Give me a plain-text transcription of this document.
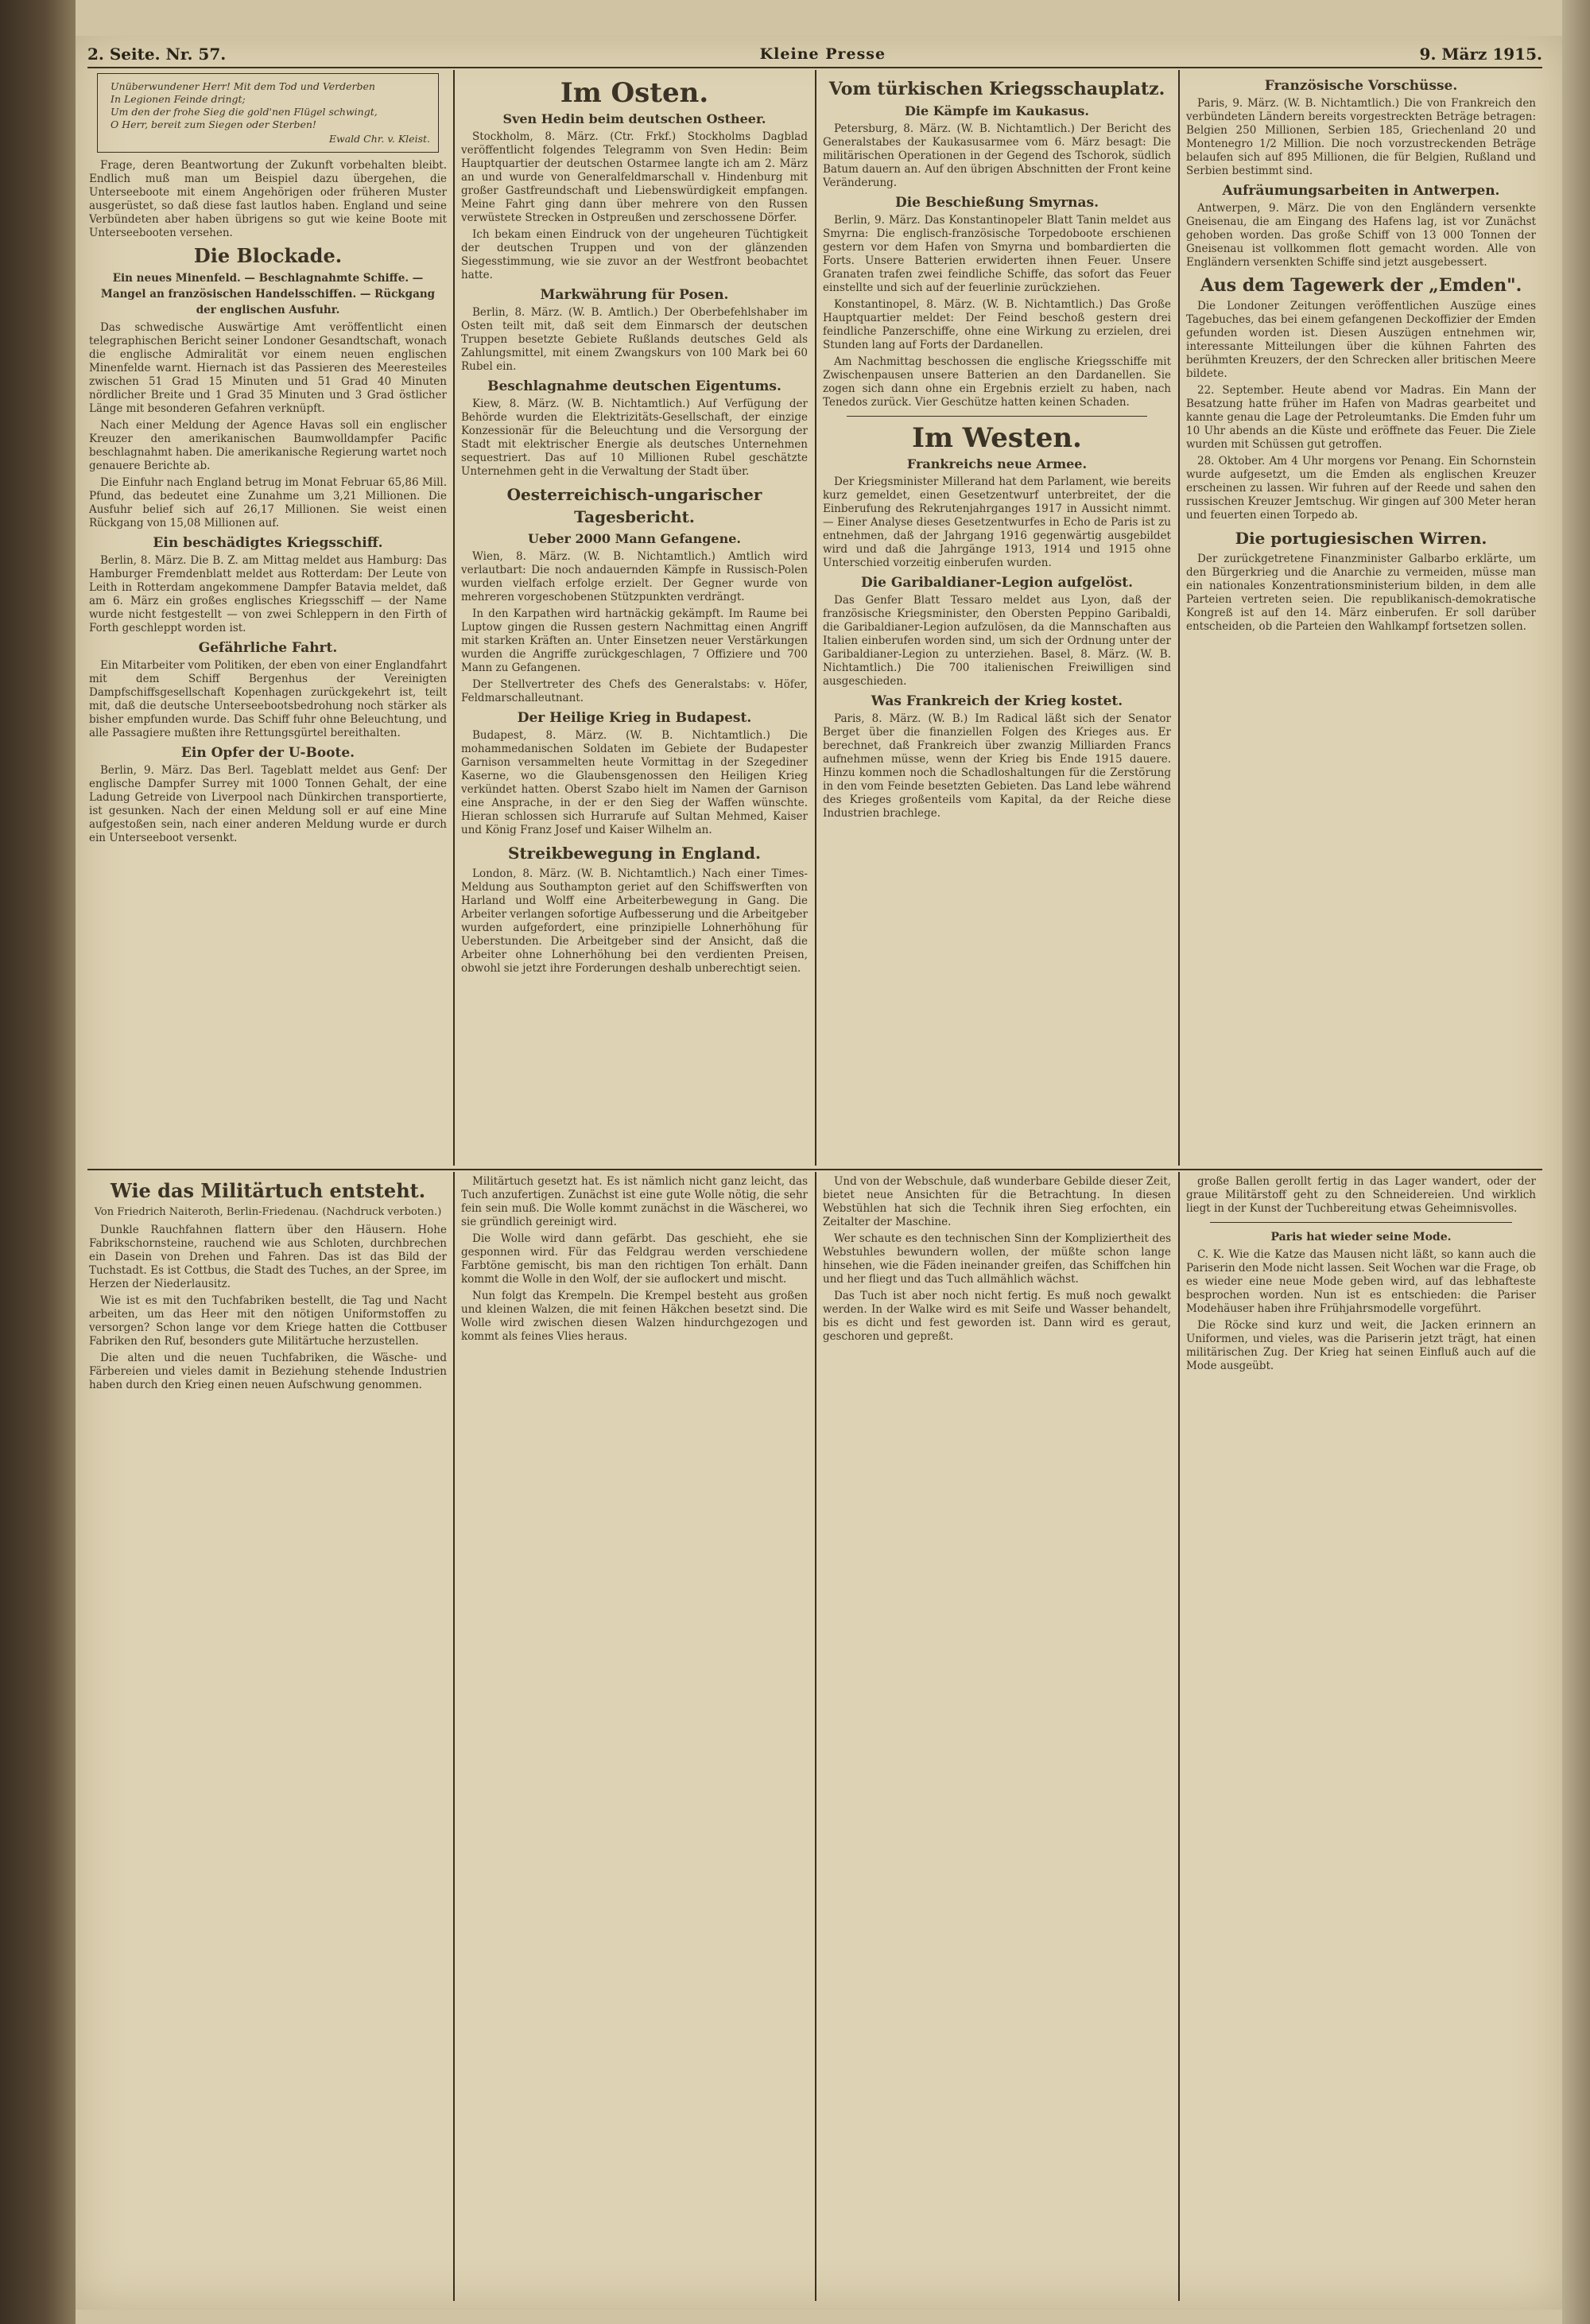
2. Seite. Nr. 57.	Kleine Presse	9. März 1915.
Unüberwundener Herr! Mit dem Tod und Verderben
In Legionen Feinde dringt;
Um den der frohe Sieg die gold'nen Flügel schwingt,
O Herr, bereit zum Siegen oder Sterben!
Ewald Chr. v. Kleist.

Frage, deren Beantwortung der Zukunft vorbehalten bleibt. Endlich muß man um Beispiel dazu übergehen, die Unterseeboote mit einem Angehörigen oder früheren Muster ausgerüstet, so daß diese fast lautlos haben. England und seine Verbündeten aber haben übrigens so gut wie keine Boote mit Unterseebooten versehen.

Die Blockade.
Ein neues Minenfeld. — Beschlagnahmte Schiffe. — Mangel an französischen Handelsschiffen. — Rückgang der englischen Ausfuhr.

Das schwedische Auswärtige Amt veröffentlicht einen telegraphischen Bericht seiner Londoner Gesandtschaft, wonach die englische Admiralität vor einem neuen englischen Minenfelde warnt. Hiernach ist das Passieren des Meeresteiles zwischen 51 Grad 15 Minuten und 51 Grad 40 Minuten nördlicher Breite und 1 Grad 35 Minuten und 3 Grad östlicher Länge mit besonderen Gefahren verknüpft.

Nach einer Meldung der Agence Havas soll ein englischer Kreuzer den amerikanischen Baumwolldampfer Pacific beschlagnahmt haben. Die amerikanische Regierung wartet noch genauere Berichte ab.

Die Einfuhr nach England betrug im Monat Februar 65,86 Mill. Pfund, das bedeutet eine Zunahme um 3,21 Millionen. Die Ausfuhr belief sich auf 26,17 Millionen. Sie weist einen Rückgang von 15,08 Millionen auf.

Ein beschädigtes Kriegsschiff.

Berlin, 8. März. Die B. Z. am Mittag meldet aus Hamburg: Das Hamburger Fremdenblatt meldet aus Rotterdam: Der Leute von Leith in Rotterdam angekommene Dampfer Batavia meldet, daß am 6. März ein großes englisches Kriegsschiff — der Name wurde nicht festgestellt — von zwei Schleppern in den Firth of Forth geschleppt worden ist.

Gefährliche Fahrt.

Ein Mitarbeiter vom Politiken, der eben von einer Englandfahrt mit dem Schiff Bergenhus der Vereinigten Dampfschiffsgesellschaft Kopenhagen zurückgekehrt ist, teilt mit, daß die deutsche Unterseebootsbedrohung noch stärker als bisher empfunden wurde. Das Schiff fuhr ohne Beleuchtung, und alle Passagiere mußten ihre Rettungsgürtel bereithalten.

Ein Opfer der U-Boote.

Berlin, 9. März. Das Berl. Tageblatt meldet aus Genf: Der englische Dampfer Surrey mit 1000 Tonnen Gehalt, der eine Ladung Getreide von Liverpool nach Dünkirchen transportierte, ist gesunken. Nach der einen Meldung soll er auf eine Mine aufgestoßen sein, nach einer anderen Meldung wurde er durch ein Unterseeboot versenkt.

Im Osten.
Sven Hedin beim deutschen Ostheer.

Stockholm, 8. März. (Ctr. Frkf.) Stockholms Dagblad veröffentlicht folgendes Telegramm von Sven Hedin: Beim Hauptquartier der deutschen Ostarmee langte ich am 2. März an und wurde von Generalfeldmarschall v. Hindenburg mit großer Gastfreundschaft und Liebenswürdigkeit empfangen. Meine Fahrt ging dann über mehrere von den Russen verwüstete Strecken in Ostpreußen und zerschossene Dörfer.

Ich bekam einen Eindruck von der ungeheuren Tüchtigkeit der deutschen Truppen und von der glänzenden Siegesstimmung, wie sie zuvor an der Westfront beobachtet hatte.

Markwährung für Posen.

Berlin, 8. März. (W. B. Amtlich.) Der Oberbefehlshaber im Osten teilt mit, daß seit dem Einmarsch der deutschen Truppen besetzte Gebiete Rußlands deutsches Geld als Zahlungsmittel, mit einem Zwangskurs von 100 Mark bei 60 Rubel ein.

Beschlagnahme deutschen Eigentums.

Kiew, 8. März. (W. B. Nichtamtlich.) Auf Verfügung der Behörde wurden die Elektrizitäts-Gesellschaft, der einzige Konzessionär für die Beleuchtung und die Versorgung der Stadt mit elektrischer Energie als deutsches Unternehmen sequestriert. Das auf 10 Millionen Rubel geschätzte Unternehmen geht in die Verwaltung der Stadt über.

Oesterreichisch-ungarischer Tagesbericht.
Ueber 2000 Mann Gefangene.

Wien, 8. März. (W. B. Nichtamtlich.) Amtlich wird verlautbart: Die noch andauernden Kämpfe in Russisch-Polen wurden vielfach erfolge erzielt. Der Gegner wurde von mehreren vorgeschobenen Stützpunkten verdrängt.

In den Karpathen wird hartnäckig gekämpft. Im Raume bei Luptow gingen die Russen gestern Nachmittag einen Angriff mit starken Kräften an. Unter Einsetzen neuer Verstärkungen wurden die Angriffe zurückgeschlagen, 7 Offiziere und 700 Mann zu Gefangenen.

Der Stellvertreter des Chefs des Generalstabs: v. Höfer, Feldmarschalleutnant.

Der Heilige Krieg in Budapest.

Budapest, 8. März. (W. B. Nichtamtlich.) Die mohammedanischen Soldaten im Gebiete der Budapester Garnison versammelten heute Vormittag in der Szegediner Kaserne, wo die Glaubensgenossen den Heiligen Krieg verkündet hatten. Oberst Szabo hielt im Namen der Garnison eine Ansprache, in der er den Sieg der Waffen wünschte. Hieran schlossen sich Hurrarufe auf Sultan Mehmed, Kaiser und König Franz Josef und Kaiser Wilhelm an.

Streikbewegung in England.

London, 8. März. (W. B. Nichtamtlich.) Nach einer Times-Meldung aus Southampton geriet auf den Schiffswerften von Harland und Wolff eine Arbeiterbewegung in Gang. Die Arbeiter verlangen sofortige Aufbesserung und die Arbeitgeber wurden aufgefordert, eine prinzipielle Lohnerhöhung für Ueberstunden. Die Arbeitgeber sind der Ansicht, daß die Arbeiter ohne Lohnerhöhung bei den verdienten Preisen, obwohl sie jetzt ihre Forderungen deshalb unberechtigt seien.

Vom türkischen Kriegsschauplatz.
Die Kämpfe im Kaukasus.

Petersburg, 8. März. (W. B. Nichtamtlich.) Der Bericht des Generalstabes der Kaukasusarmee vom 6. März besagt: Die militärischen Operationen in der Gegend des Tschorok, südlich Batum dauern an. Auf den übrigen Abschnitten der Front keine Veränderung.

Die Beschießung Smyrnas.

Berlin, 9. März. Das Konstantinopeler Blatt Tanin meldet aus Smyrna: Die englisch-französische Torpedoboote erschienen gestern vor dem Hafen von Smyrna und bombardierten die Forts. Unsere Batterien erwiderten ihnen Feuer. Unsere Granaten trafen zwei feindliche Schiffe, das sofort das Feuer einstellte und sich auf der feuerlinie zurückziehen.

Konstantinopel, 8. März. (W. B. Nichtamtlich.) Das Große Hauptquartier meldet: Der Feind beschoß gestern drei feindliche Panzerschiffe, ohne eine Wirkung zu erzielen, drei Stunden lang auf Forts der Dardanellen.

Am Nachmittag beschossen die englische Kriegsschiffe mit Zwischenpausen unsere Batterien an den Dardanellen. Sie zogen sich dann ohne ein Ergebnis erzielt zu haben, nach Tenedos zurück. Vier Geschütze hatten keinen Schaden.

Im Westen.
Frankreichs neue Armee.

Der Kriegsminister Millerand hat dem Parlament, wie bereits kurz gemeldet, einen Gesetzentwurf unterbreitet, der die Einberufung des Rekrutenjahrganges 1917 in Aussicht nimmt. — Einer Analyse dieses Gesetzentwurfes in Echo de Paris ist zu entnehmen, daß der Jahrgang 1916 gegenwärtig ausgebildet wird und daß die Jahrgänge 1913, 1914 und 1915 ohne Unterschied vorzeitig einberufen wurden.

Die Garibaldianer-Legion aufgelöst.

Das Genfer Blatt Tessaro meldet aus Lyon, daß der französische Kriegsminister, den Obersten Peppino Garibaldi, die Garibaldianer-Legion aufzulösen, da die Mannschaften aus Italien einberufen worden sind, um sich der Ordnung unter der Garibaldianer-Legion zu unterziehen. Basel, 8. März. (W. B. Nichtamtlich.) Die 700 italienischen Freiwilligen sind ausgeschieden.

Was Frankreich der Krieg kostet.

Paris, 8. März. (W. B.) Im Radical läßt sich der Senator Berget über die finanziellen Folgen des Krieges aus. Er berechnet, daß Frankreich über zwanzig Milliarden Francs aufnehmen müsse, wenn der Krieg bis Ende 1915 dauere. Hinzu kommen noch die Schadloshaltungen für die Zerstörung in den vom Feinde besetzten Gebieten. Das Land lebe während des Krieges großenteils vom Kapital, da der Reiche diese Industrien brachlege.

Französische Vorschüsse.

Paris, 9. März. (W. B. Nichtamtlich.) Die von Frankreich den verbündeten Ländern bereits vorgestreckten Beträge betragen: Belgien 250 Millionen, Serbien 185, Griechenland 20 und Montenegro 1/2 Million. Die noch vorzustreckenden Beträge belaufen sich auf 895 Millionen, die für Belgien, Rußland und Serbien bestimmt sind.

Aufräumungsarbeiten in Antwerpen.

Antwerpen, 9. März. Die von den Engländern versenkte Gneisenau, die am Eingang des Hafens lag, ist vor Zunächst gehoben worden. Das große Schiff von 13 000 Tonnen der Gneisenau ist vollkommen flott gemacht worden. Alle von Engländern versenkten Schiffe sind jetzt ausgebessert.

Aus dem Tagewerk der „Emden".

Die Londoner Zeitungen veröffentlichen Auszüge eines Tagebuches, das bei einem gefangenen Deckoffizier der Emden gefunden worden ist. Diesen Auszügen entnehmen wir, interessante Mitteilungen über die kühnen Fahrten des berühmten Kreuzers, der den Schrecken aller britischen Meere bildete.

22. September. Heute abend vor Madras. Ein Mann der Besatzung hatte früher im Hafen von Madras gearbeitet und kannte genau die Lage der Petroleumtanks. Die Emden fuhr um 10 Uhr abends an die Küste und eröffnete das Feuer. Die Ziele wurden mit Schüssen gut getroffen.

28. Oktober. Am 4 Uhr morgens vor Penang. Ein Schornstein wurde aufgesetzt, um die Emden als englischen Kreuzer erscheinen zu lassen. Wir fuhren auf der Reede und sahen den russischen Kreuzer Jemtschug. Wir gingen auf 300 Meter heran und feuerten einen Torpedo ab.

Die portugiesischen Wirren.

Der zurückgetretene Finanzminister Galbarbo erklärte, um den Bürgerkrieg und die Anarchie zu vermeiden, müsse man ein nationales Konzentrationsministerium bilden, in dem alle Parteien vertreten seien. Die republikanisch-demokratische Kongreß ist auf den 14. März einberufen. Er soll darüber entscheiden, ob die Parteien den Wahlkampf fortsetzen sollen.

Wie das Militärtuch entsteht.
Von Friedrich Naiteroth, Berlin-Friedenau. (Nachdruck verboten.)

Dunkle Rauchfahnen flattern über den Häusern. Hohe Fabrikschornsteine, rauchend wie aus Schloten, durchbrechen ein Dasein von Drehen und Fahren. Das ist das Bild der Tuchstadt. Es ist Cottbus, die Stadt des Tuches, an der Spree, im Herzen der Niederlausitz.

Wie ist es mit den Tuchfabriken bestellt, die Tag und Nacht arbeiten, um das Heer mit den nötigen Uniformstoffen zu versorgen? Schon lange vor dem Kriege hatten die Cottbuser Fabriken den Ruf, besonders gute Militärtuche herzustellen.

Die alten und die neuen Tuchfabriken, die Wäsche- und Färbereien und vieles damit in Beziehung stehende Industrien haben durch den Krieg einen neuen Aufschwung genommen.

Militärtuch gesetzt hat. Es ist nämlich nicht ganz leicht, das Tuch anzufertigen. Zunächst ist eine gute Wolle nötig, die sehr fein sein muß. Die Wolle kommt zunächst in die Wäscherei, wo sie gründlich gereinigt wird.

Die Wolle wird dann gefärbt. Das geschieht, ehe sie gesponnen wird. Für das Feldgrau werden verschiedene Farbtöne gemischt, bis man den richtigen Ton erhält. Dann kommt die Wolle in den Wolf, der sie auflockert und mischt.

Nun folgt das Krempeln. Die Krempel besteht aus großen und kleinen Walzen, die mit feinen Häkchen besetzt sind. Die Wolle wird zwischen diesen Walzen hindurchgezogen und kommt als feines Vlies heraus.

Und von der Webschule, daß wunderbare Gebilde dieser Zeit, bietet neue Ansichten für die Betrachtung. In diesen Webstühlen hat sich die Technik ihren Sieg erfochten, ein Zeitalter der Maschine.

Wer schaute es den technischen Sinn der Kompliziertheit des Webstuhles bewundern wollen, der müßte schon lange hinsehen, wie die Fäden ineinander greifen, das Schiffchen hin und her fliegt und das Tuch allmählich wächst.

Das Tuch ist aber noch nicht fertig. Es muß noch gewalkt werden. In der Walke wird es mit Seife und Wasser behandelt, bis es dicht und fest geworden ist. Dann wird es geraut, geschoren und gepreßt.

große Ballen gerollt fertig in das Lager wandert, oder der graue Militärstoff geht zu den Schneidereien. Und wirklich liegt in der Kunst der Tuchbereitung etwas Geheimnisvolles.

Paris hat wieder seine Mode.

C. K. Wie die Katze das Mausen nicht läßt, so kann auch die Pariserin den Mode nicht lassen. Seit Wochen war die Frage, ob es wieder eine neue Mode geben wird, auf das lebhafteste besprochen worden. Nun ist es entschieden: die Pariser Modehäuser haben ihre Frühjahrsmodelle vorgeführt.

Die Röcke sind kurz und weit, die Jacken erinnern an Uniformen, und vieles, was die Pariserin jetzt trägt, hat einen militärischen Zug. Der Krieg hat seinen Einfluß auch auf die Mode ausgeübt.
